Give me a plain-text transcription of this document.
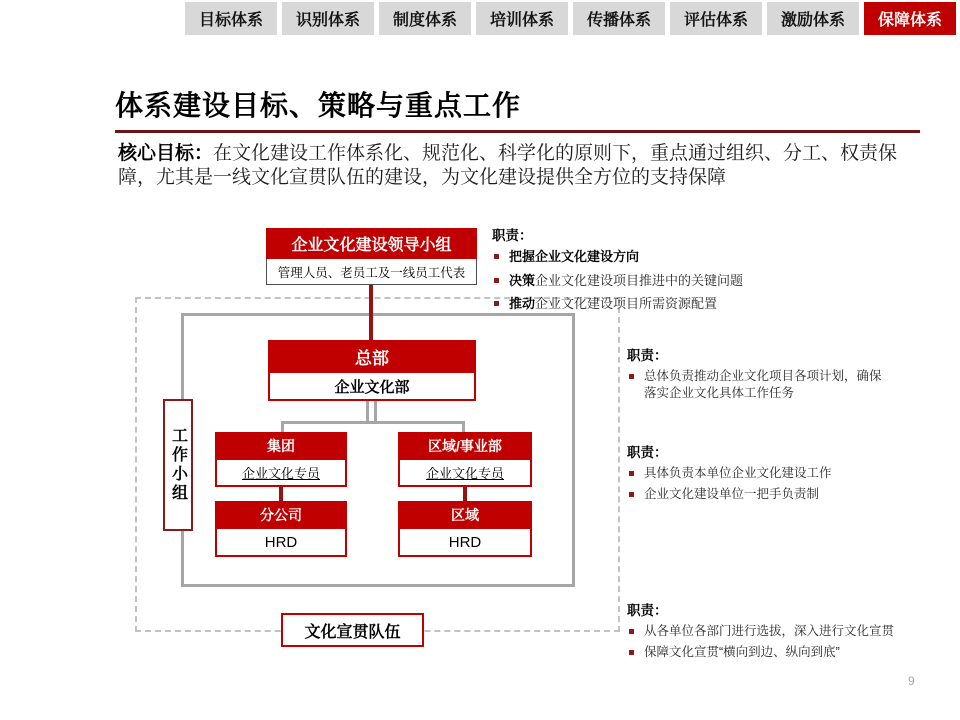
目标体系	识别体系	制度体系	培训体系	传播体系	评估体系	激励体系	保障体系
体系建设目标、策略与重点工作
核心目标：在文化建设工作体系化、规范化、科学化的原则下，重点通过组织、分工、权责保障，尤其是一线文化宣贯队伍的建设，为文化建设提供全方位的支持保障
企业文化建设领导小组
管理人员、老员工及一线员工代表
总部
企业文化部
集团
企业文化专员
区域/事业部
企业文化专员
分公司
HRD
区域
HRD
工作小组
文化宣贯队伍
职责：
把握企业文化建设方向
决策企业文化建设项目推进中的关键问题
推动企业文化建设项目所需资源配置
职责：
总体负责推动企业文化项目各项计划，确保落实企业文化具体工作任务
职责：
具体负责本单位企业文化建设工作
企业文化建设单位一把手负责制
职责：
从各单位各部门进行选拔，深入进行文化宣贯
保障文化宣贯“横向到边、纵向到底”
9
